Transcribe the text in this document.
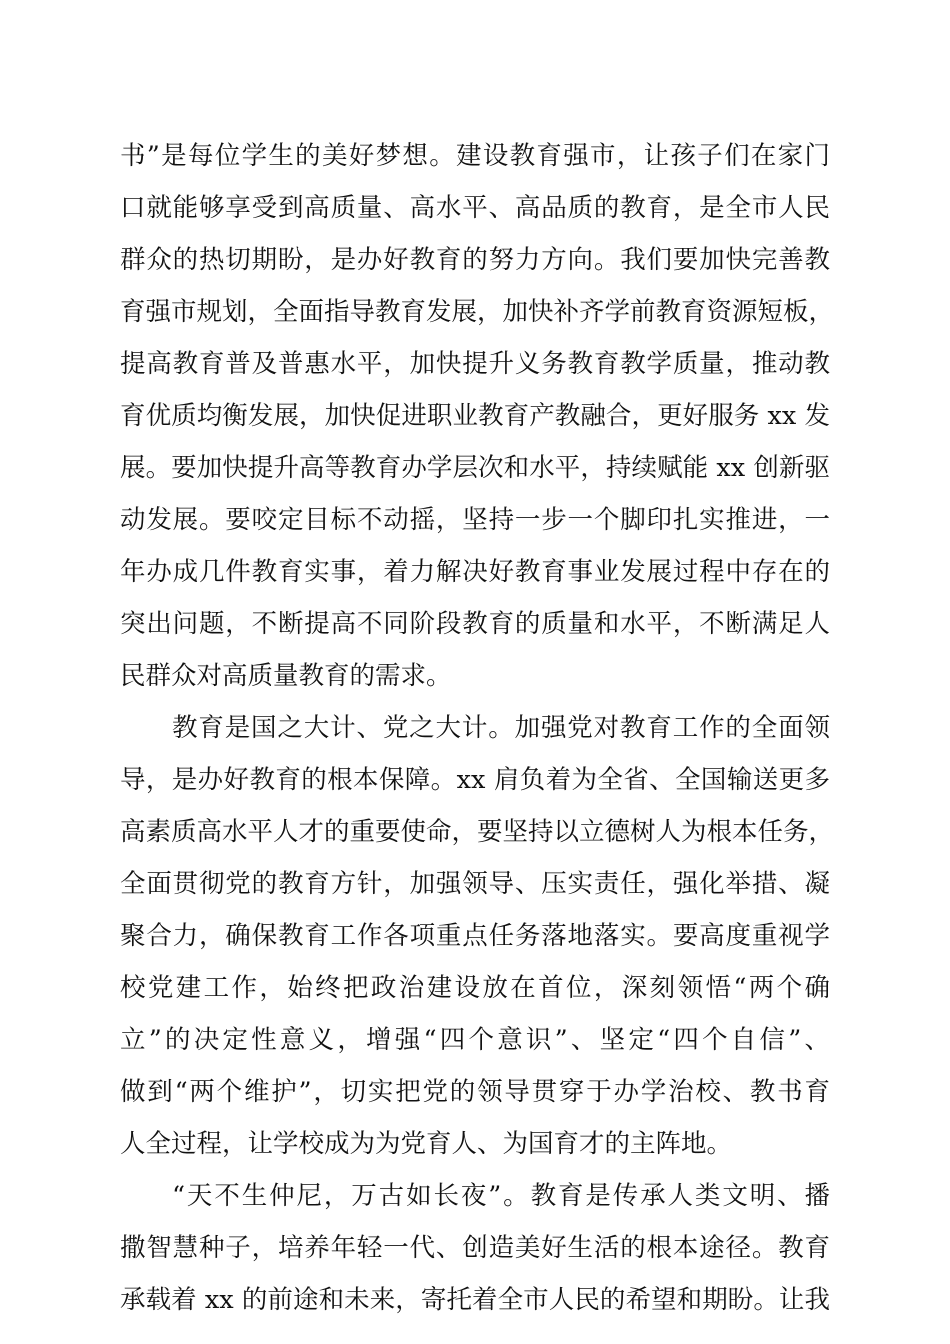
书”是每位学生的美好梦想。建设教育强市，让孩子们在家门
口就能够享受到高质量、高水平、高品质的教育，是全市人民
群众的热切期盼，是办好教育的努力方向。我们要加快完善教
育强市规划，全面指导教育发展，加快补齐学前教育资源短板，
提高教育普及普惠水平，加快提升义务教育教学质量，推动教
育优质均衡发展，加快促进职业教育产教融合，更好服务 xx 发
展。要加快提升高等教育办学层次和水平，持续赋能 xx 创新驱
动发展。要咬定目标不动摇，坚持一步一个脚印扎实推进，一
年办成几件教育实事，着力解决好教育事业发展过程中存在的
突出问题，不断提高不同阶段教育的质量和水平，不断满足人
民群众对高质量教育的需求。
教育是国之大计、党之大计。加强党对教育工作的全面领
导，是办好教育的根本保障。xx 肩负着为全省、全国输送更多
高素质高水平人才的重要使命，要坚持以立德树人为根本任务，
全面贯彻党的教育方针，加强领导、压实责任，强化举措、凝
聚合力，确保教育工作各项重点任务落地落实。要高度重视学
校党建工作，始终把政治建设放在首位，深刻领悟“两个确
立”的决定性意义，增强“四个意识”、坚定“四个自信”、
做到“两个维护”，切实把党的领导贯穿于办学治校、教书育
人全过程，让学校成为为党育人、为国育才的主阵地。
“天不生仲尼，万古如长夜”。教育是传承人类文明、播
撒智慧种子，培养年轻一代、创造美好生活的根本途径。教育
承载着 xx 的前途和未来，寄托着全市人民的希望和期盼。让我
